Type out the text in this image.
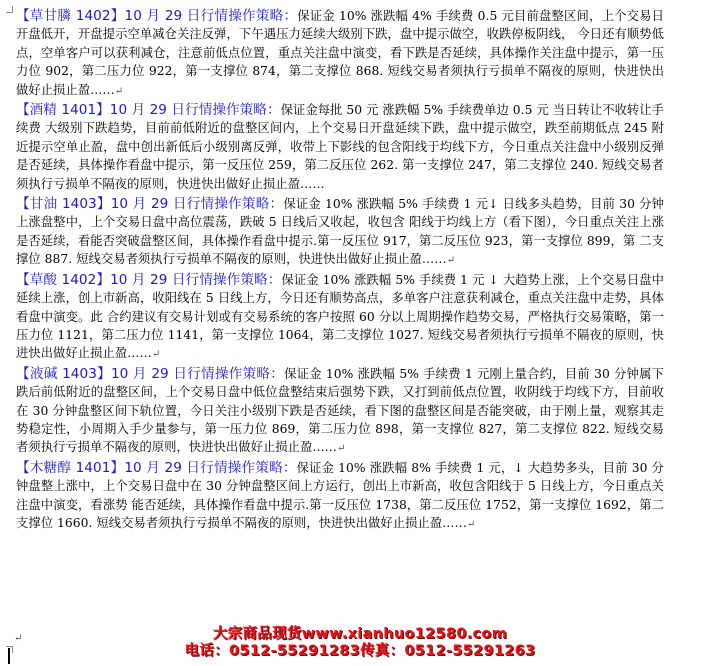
【草甘膦 1402】10 月 29 日行情操作策略：保证金 10% 涨跌幅 4% 手续费 0.5 元目前盘整区间，上个交易日开盘低开，开盘提示空单减仓关注反弹，下午遇压力延续大级别下跌，盘中提示做空，收跌停板阴线， 今日还有顺势低点，空单客户可以获利减仓，注意前低点位置，重点关注盘中演变，看下跌是否延续，具体操作关注盘中提示，第一压力位 902，第二压力位 922，第一支撑位 874，第二支撑位 868. 短线交易者须执行亏损单不隔夜的原则，快进快出做好止损止盈……↵

【酒精 1401】10 月 29 日行情操作策略：保证金每批 50 元 涨跌幅 5% 手续费单边 0.5 元 当日转让不收转让手续费 大级别下跌趋势，目前前低附近的盘整区间内，上个交易日开盘延续下跌，盘中提示做空，跌至前期低点 245 附近提示空单止盈，盘中创出新低后小级别离反弹，收带上下影线的包含阳线于均线下方，今日重点关注盘中小级别反弹是否延续，具体操作看盘中提示，第一反压位 259，第二反压位 262. 第一支撑位 247，第二支撑位 240. 短线交易者须执行亏损单不隔夜的原则，快进快出做好止损止盈……

【甘油 1403】10 月 29 日行情操作策略：保证金 10% 涨跌幅 5% 手续费 1 元↓ 日线多头趋势，目前 30 分钟上涨盘整中，上个交易日盘中高位震荡，跌破 5 日线后又收起，收包含 阳线于均线上方（看下图），今日重点关注上涨是否延续，看能否突破盘整区间，具体操作看盘中提示.第一反压位 917，第二反压位 923，第一支撑位 899，第 二支撑位 887. 短线交易者须执行亏损单不隔夜的原则，快进快出做好止损止盈……↵

【草酸 1402】10 月 29 日行情操作策略：保证金 10% 涨跌幅 5% 手续费 1 元 ↓ 大趋势上涨，上个交易日盘中延续上涨，创上市新高，收阳线在 5 日线上方，今日还有顺势高点，多单客户注意获利减仓，重点关注盘中走势，具体看盘中演变。此 合约建议有交易计划或有交易系统的客户按照 60 分以上周期操作趋势交易，严格执行交易策略，第一压力位 1121，第二压力位 1141，第一支撑位 1064，第二支撑位 1027. 短线交易者须执行亏损单不隔夜的原则，快进快出做好止损止盈……↵

【液碱 1403】10 月 29 日行情操作策略：保证金 10% 涨跌幅 5% 手续费 1 元刚上量合约，目前 30 分钟属下跌后前低附近的盘整区间，上个交易日盘中低位盘整结束后强势下跌，又打到前低点位置，收阴线于均线下方，目前收 在 30 分钟盘整区间下轨位置，今日关注小级别下跌是否延续，看下图的盘整区间是否能突破，由于刚上量，观察其走势稳定性，小周期入手少量参与，第一压力位 869，第二压力位 898，第一支撑位 827，第二支撑位 822. 短线交易者须执行亏损单不隔夜的原则，快进快出做好止损止盈……↵

【木糖醇 1401】10 月 29 日行情操作策略：保证金 10% 涨跌幅 8% 手续费 1 元，↓ 大趋势多头，目前 30 分钟盘整上涨中，上个交易日盘中在 30 分钟盘整区间上方运行，创出上市新高，收包含阳线于 5 日线上方，今日重点关注盘中演变，看涨势 能否延续，具体操作看盘中提示.第一反压位 1738，第二反压位 1752，第一支撑位 1692，第二支撑位 1660. 短线交易者须执行亏损单不隔夜的原则，快进快出做好止损止盈……↵

↵	大宗商品现货www.xianhuo12580.com
电话：0512-55291283传真：0512-55291263
